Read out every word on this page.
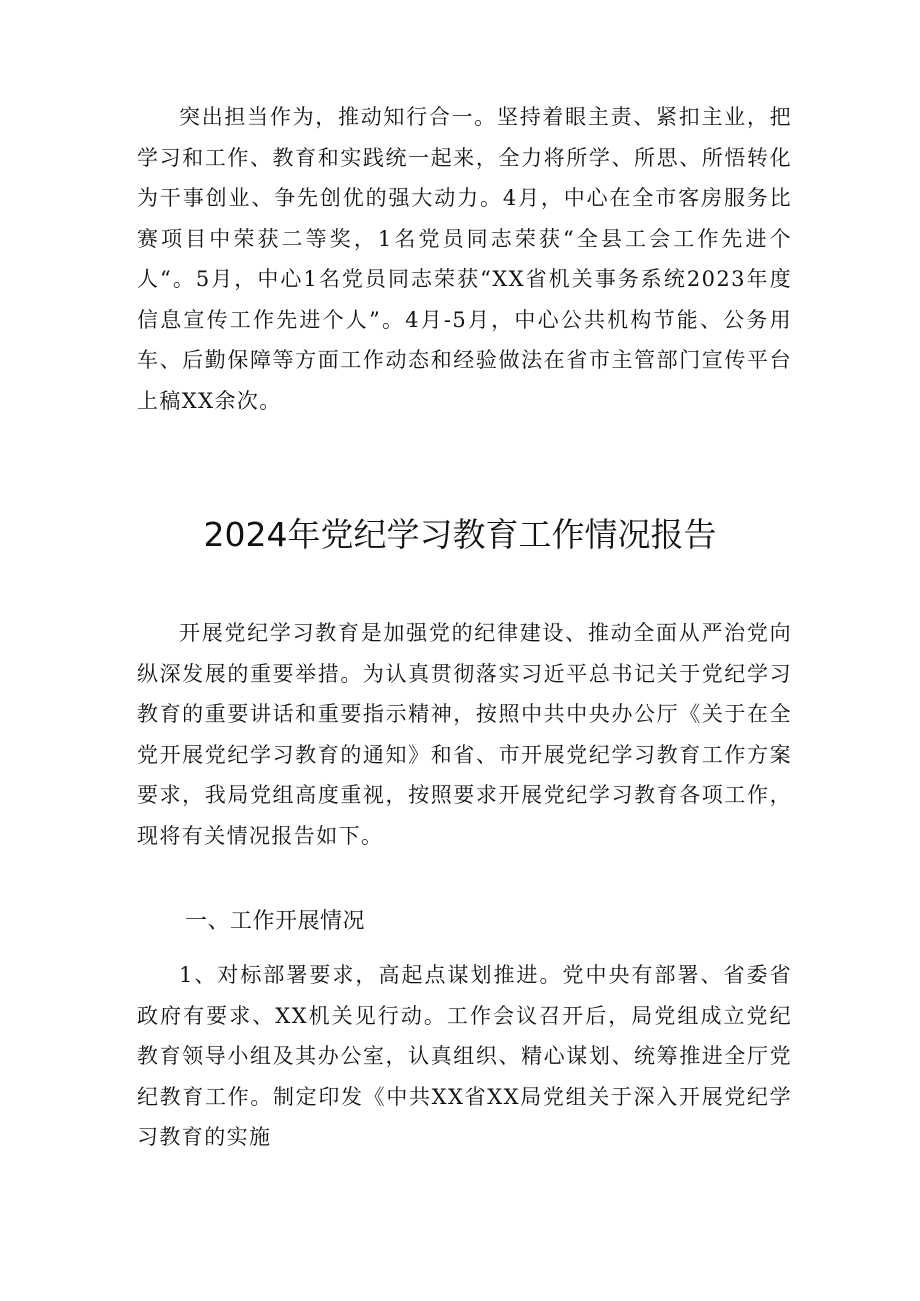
突出担当作为，推动知行合一。坚持着眼主责、紧扣主业，把学习和工作、教育和实践统一起来，全力将所学、所思、所悟转化为干事创业、争先创优的强大动力。4月，中心在全市客房服务比赛项目中荣获二等奖，1名党员同志荣获“全县工会工作先进个人“。5月，中心1名党员同志荣获“XX省机关事务系统2023年度信息宣传工作先进个人”。4月-5月，中心公共机构节能、公务用车、后勤保障等方面工作动态和经验做法在省市主管部门宣传平台上稿XX余次。

2024年党纪学习教育工作情况报告

开展党纪学习教育是加强党的纪律建设、推动全面从严治党向纵深发展的重要举措。为认真贯彻落实习近平总书记关于党纪学习教育的重要讲话和重要指示精神，按照中共中央办公厅《关于在全党开展党纪学习教育的通知》和省、市开展党纪学习教育工作方案要求，我局党组高度重视，按照要求开展党纪学习教育各项工作，现将有关情况报告如下。

一、工作开展情况

1、对标部署要求，高起点谋划推进。党中央有部署、省委省政府有要求、XX机关见行动。工作会议召开后，局党组成立党纪教育领导小组及其办公室，认真组织、精心谋划、统筹推进全厅党纪教育工作。制定印发《中共XX省XX局党组关于深入开展党纪学习教育的实施
